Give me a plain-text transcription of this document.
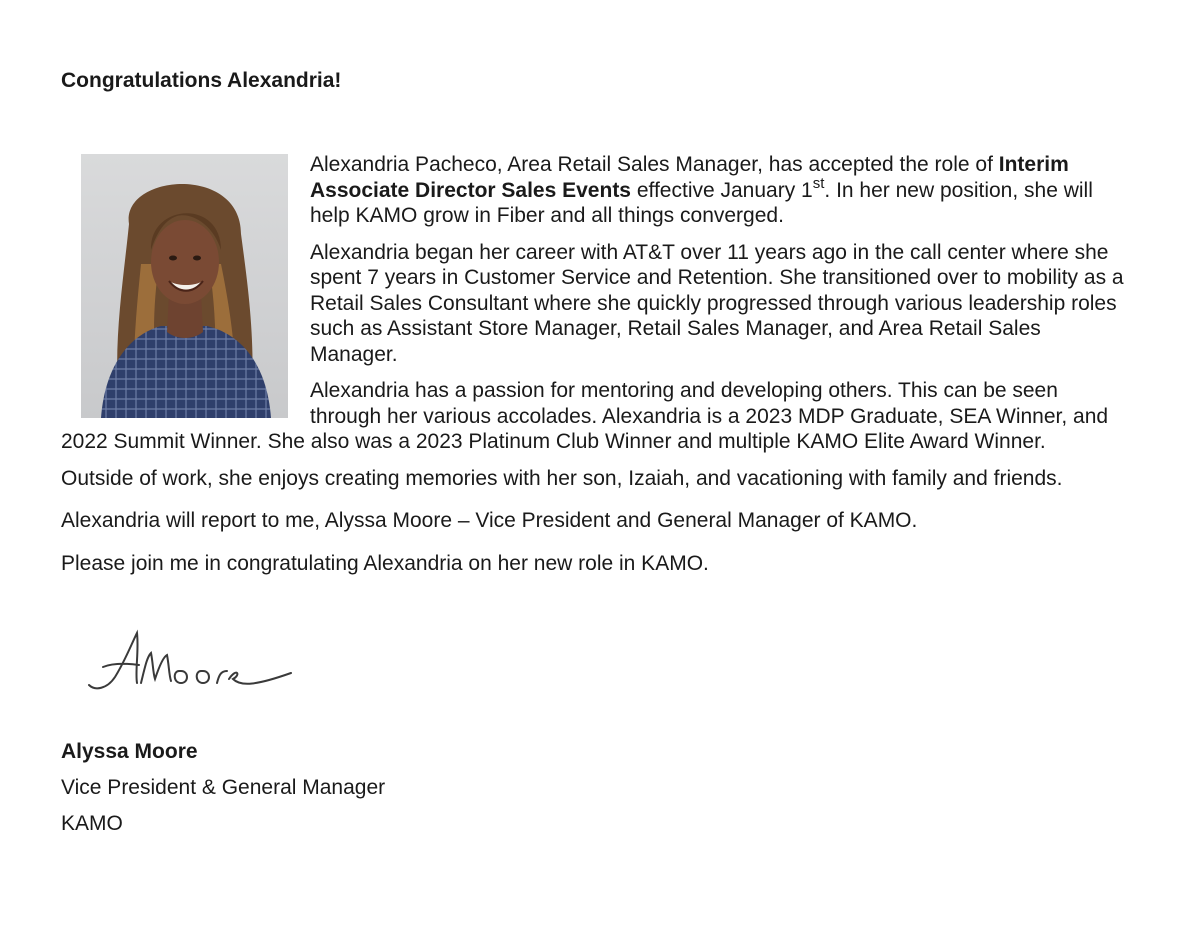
Congratulations Alexandria!

Alexandria Pacheco, Area Retail Sales Manager, has accepted the role of Interim Associate Director Sales Events effective January 1st. In her new position, she will help KAMO grow in Fiber and all things converged.

Alexandria began her career with AT&T over 11 years ago in the call center where she spent 7 years in Customer Service and Retention. She transitioned over to mobility as a Retail Sales Consultant where she quickly progressed through various leadership roles such as Assistant Store Manager, Retail Sales Manager, and Area Retail Sales Manager.

Alexandria has a passion for mentoring and developing others. This can be seen through her various accolades. Alexandria is a 2023 MDP Graduate, SEA Winner, and 2022 Summit Winner. She also was a 2023 Platinum Club Winner and multiple KAMO Elite Award Winner.

Outside of work, she enjoys creating memories with her son, Izaiah, and vacationing with family and friends.

Alexandria will report to me, Alyssa Moore – Vice President and General Manager of KAMO.

Please join me in congratulating Alexandria on her new role in KAMO.

Alyssa Moore
Vice President & General Manager
KAMO
